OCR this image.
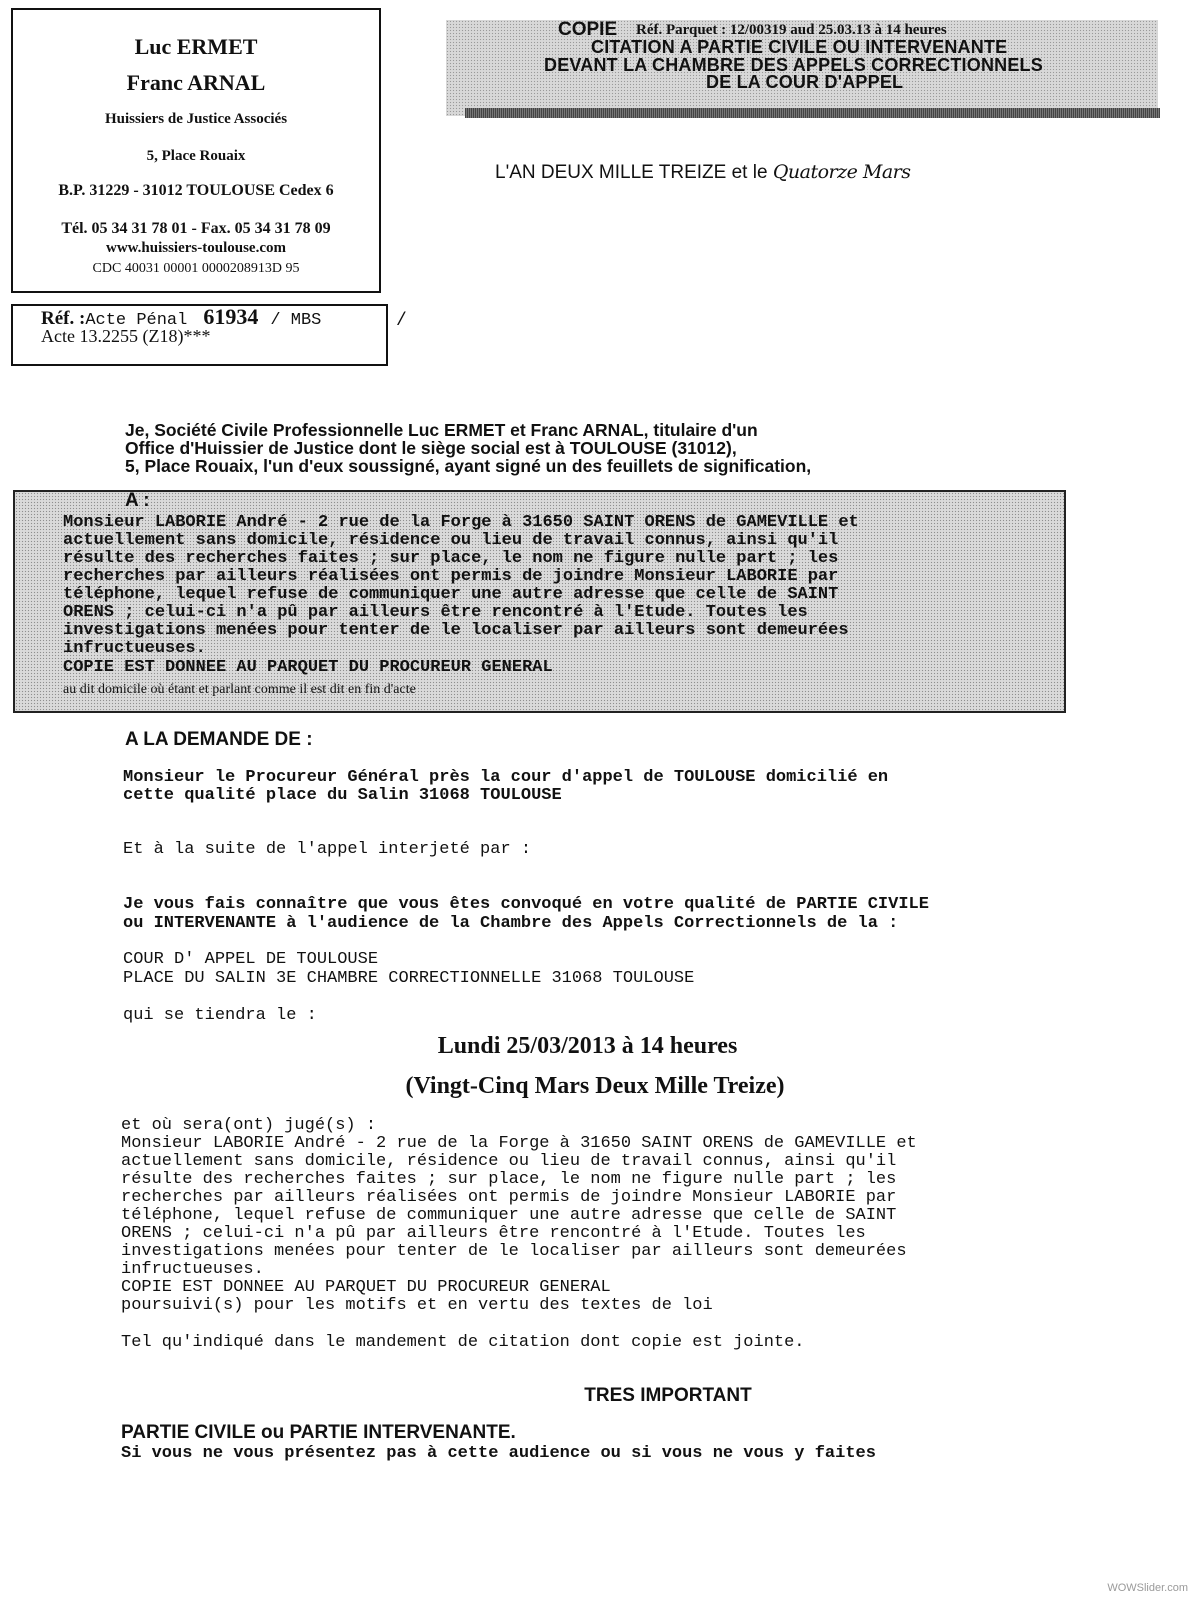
Luc ERMET
Franc ARNAL
Huissiers de Justice Associés
5, Place Rouaix
B.P. 31229 - 31012 TOULOUSE Cedex 6
Tél. 05 34 31 78 01 - Fax. 05 34 31 78 09
www.huissiers-toulouse.com
CDC 40031 00001 0000208913D 95
Réf. :Acte Pénal 61934 / MBS
Acte 13.2255 (Z18)***
/
COPIE Réf. Parquet : 12/00319 aud 25.03.13 à 14 heures
CITATION A PARTIE CIVILE OU INTERVENANTE
DEVANT LA CHAMBRE DES APPELS CORRECTIONNELS
DE LA COUR D'APPEL
L'AN DEUX MILLE TREIZE et le Quatorze Mars
Je, Société Civile Professionnelle Luc ERMET et Franc ARNAL, titulaire d'un
Office d'Huissier de Justice dont le siège social est à TOULOUSE (31012),
5, Place Rouaix, l'un d'eux soussigné, ayant signé un des feuillets de signification,
A :
Monsieur LABORIE André - 2 rue de la Forge à 31650 SAINT ORENS de GAMEVILLE et
actuellement sans domicile, résidence ou lieu de travail connus, ainsi qu'il
résulte des recherches faites ; sur place, le nom ne figure nulle part ; les
recherches par ailleurs réalisées ont permis de joindre Monsieur LABORIE par
téléphone, lequel refuse de communiquer une autre adresse que celle de SAINT
ORENS ; celui-ci n'a pû par ailleurs être rencontré à l'Etude. Toutes les
investigations menées pour tenter de le localiser par ailleurs sont demeurées
infructueuses.
COPIE EST DONNEE AU PARQUET DU PROCUREUR GENERAL
au dit domicile où étant et parlant comme il est dit en fin d'acte
A LA DEMANDE DE :
Monsieur le Procureur Général près la cour d'appel de TOULOUSE domicilié en
cette qualité place du Salin 31068 TOULOUSE
Et à la suite de l'appel interjeté par :
Je vous fais connaître que vous êtes convoqué en votre qualité de PARTIE CIVILE
ou INTERVENANTE à l'audience de la Chambre des Appels Correctionnels de la :
COUR D' APPEL DE TOULOUSE
PLACE DU SALIN 3E CHAMBRE CORRECTIONNELLE 31068 TOULOUSE
qui se tiendra le :
Lundi 25/03/2013 à 14 heures
(Vingt-Cinq Mars Deux Mille Treize)
et où sera(ont) jugé(s) :
Monsieur LABORIE André - 2 rue de la Forge à 31650 SAINT ORENS de GAMEVILLE et
actuellement sans domicile, résidence ou lieu de travail connus, ainsi qu'il
résulte des recherches faites ; sur place, le nom ne figure nulle part ; les
recherches par ailleurs réalisées ont permis de joindre Monsieur LABORIE par
téléphone, lequel refuse de communiquer une autre adresse que celle de SAINT
ORENS ; celui-ci n'a pû par ailleurs être rencontré à l'Etude. Toutes les
investigations menées pour tenter de le localiser par ailleurs sont demeurées
infructueuses.
COPIE EST DONNEE AU PARQUET DU PROCUREUR GENERAL
poursuivi(s) pour les motifs et en vertu des textes de loi
Tel qu'indiqué dans le mandement de citation dont copie est jointe.
TRES IMPORTANT
PARTIE CIVILE ou PARTIE INTERVENANTE.
Si vous ne vous présentez pas à cette audience ou si vous ne vous y faites
WOWSlider.com
